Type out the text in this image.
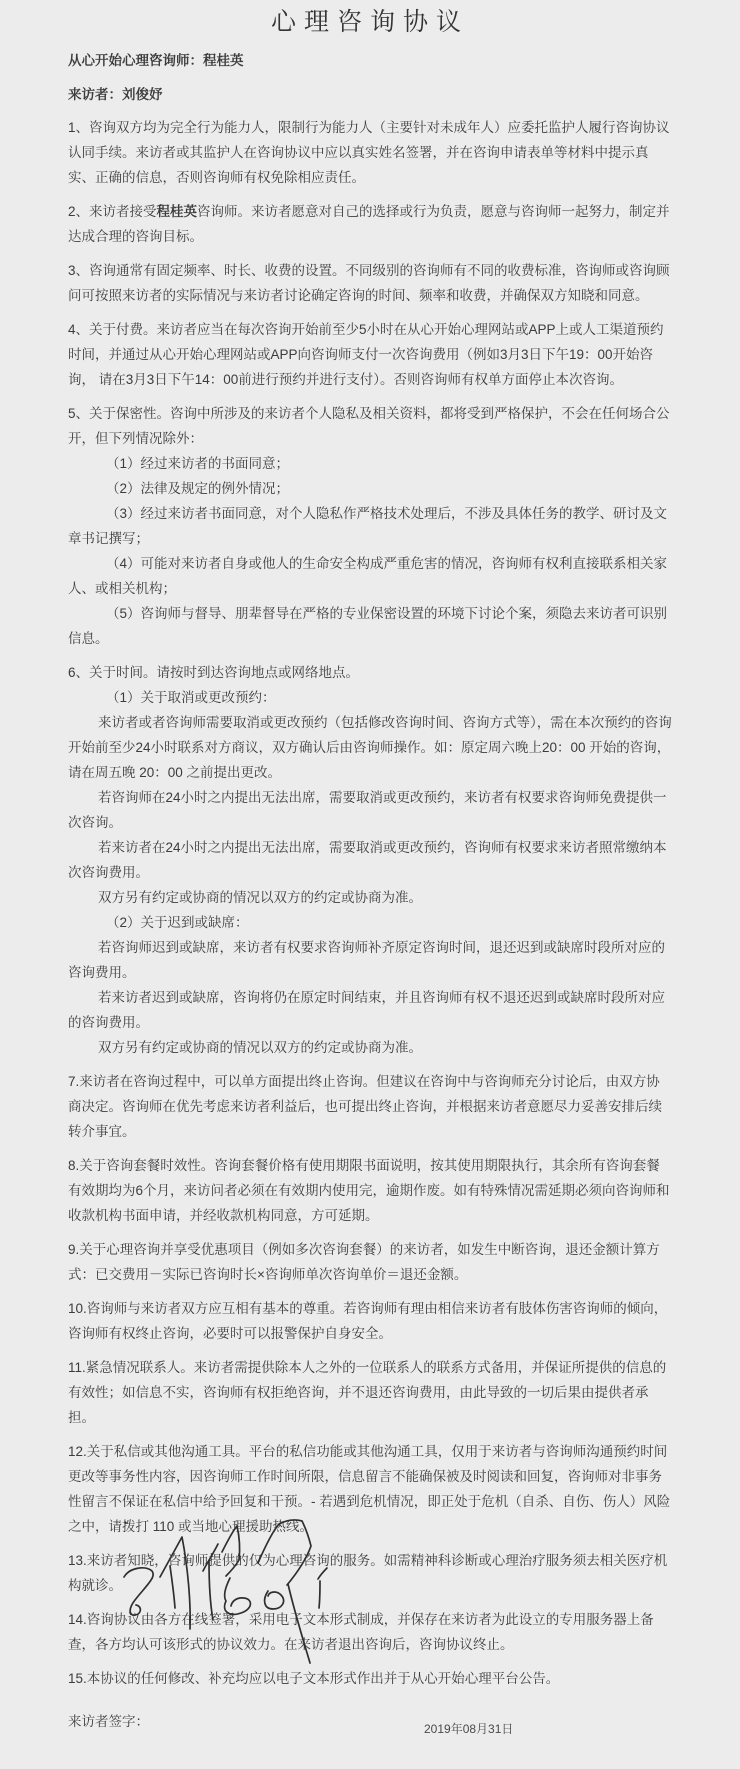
心理咨询协议
从心开始心理咨询师：程桂英
来访者：刘俊妤
1、咨询双方均为完全行为能力人，限制行为能力人（主要针对未成年人）应委托监护人履行咨询协议认同手续。来访者或其监护人在咨询协议中应以真实姓名签署，并在咨询申请表单等材料中提示真实、正确的信息，否则咨询师有权免除相应责任。
2、来访者接受程桂英咨询师。来访者愿意对自己的选择或行为负责，愿意与咨询师一起努力，制定并达成合理的咨询目标。
3、咨询通常有固定频率、时长、收费的设置。不同级别的咨询师有不同的收费标准，咨询师或咨询顾问可按照来访者的实际情况与来访者讨论确定咨询的时间、频率和收费，并确保双方知晓和同意。
4、关于付费。来访者应当在每次咨询开始前至少5小时在从心开始心理网站或APP上或人工渠道预约时间，并通过从心开始心理网站或APP向咨询师支付一次咨询费用（例如3月3日下午19：00开始咨询， 请在3月3日下午14：00前进行预约并进行支付）。否则咨询师有权单方面停止本次咨询。
5、关于保密性。咨询中所涉及的来访者个人隐私及相关资料，都将受到严格保护，不会在任何场合公开，但下列情况除外：
（1）经过来访者的书面同意；
（2）法律及规定的例外情况；
（3）经过来访者书面同意，对个人隐私作严格技术处理后，不涉及具体任务的教学、研讨及文章书记撰写；
（4）可能对来访者自身或他人的生命安全构成严重危害的情况，咨询师有权利直接联系相关家人、或相关机构；
（5）咨询师与督导、朋辈督导在严格的专业保密设置的环境下讨论个案，须隐去来访者可识别信息。
6、关于时间。请按时到达咨询地点或网络地点。
（1）关于取消或更改预约：
来访者或者咨询师需要取消或更改预约（包括修改咨询时间、咨询方式等），需在本次预约的咨询开始前至少24小时联系对方商议，双方确认后由咨询师操作。如：原定周六晚上20：00 开始的咨询，请在周五晚 20：00 之前提出更改。
若咨询师在24小时之内提出无法出席，需要取消或更改预约，来访者有权要求咨询师免费提供一次咨询。
若来访者在24小时之内提出无法出席，需要取消或更改预约，咨询师有权要求来访者照常缴纳本次咨询费用。
双方另有约定或协商的情况以双方的约定或协商为准。
（2）关于迟到或缺席：
若咨询师迟到或缺席，来访者有权要求咨询师补齐原定咨询时间，退还迟到或缺席时段所对应的咨询费用。
若来访者迟到或缺席，咨询将仍在原定时间结束，并且咨询师有权不退还迟到或缺席时段所对应的咨询费用。
双方另有约定或协商的情况以双方的约定或协商为准。
7.来访者在咨询过程中，可以单方面提出终止咨询。但建议在咨询中与咨询师充分讨论后，由双方协商决定。咨询师在优先考虑来访者利益后，也可提出终止咨询，并根据来访者意愿尽力妥善安排后续转介事宜。
8.关于咨询套餐时效性。咨询套餐价格有使用期限书面说明，按其使用期限执行，其余所有咨询套餐有效期均为6个月，来访问者必须在有效期内使用完，逾期作废。如有特殊情况需延期必须向咨询师和收款机构书面申请，并经收款机构同意，方可延期。
9.关于心理咨询并享受优惠项目（例如多次咨询套餐）的来访者，如发生中断咨询，退还金额计算方式：已交费用－实际已咨询时长×咨询师单次咨询单价＝退还金额。
10.咨询师与来访者双方应互相有基本的尊重。若咨询师有理由相信来访者有肢体伤害咨询师的倾向，咨询师有权终止咨询，必要时可以报警保护自身安全。
11.紧急情况联系人。来访者需提供除本人之外的一位联系人的联系方式备用，并保证所提供的信息的有效性；如信息不实，咨询师有权拒绝咨询，并不退还咨询费用，由此导致的一切后果由提供者承担。
12.关于私信或其他沟通工具。平台的私信功能或其他沟通工具，仅用于来访者与咨询师沟通预约时间更改等事务性内容，因咨询师工作时间所限，信息留言不能确保被及时阅读和回复，咨询师对非事务性留言不保证在私信中给予回复和干预。- 若遇到危机情况，即正处于危机（自杀、自伤、伤人）风险之中，请拨打 110 或当地心理援助热线。
13.来访者知晓，咨询师提供的仅为心理咨询的服务。如需精神科诊断或心理治疗服务须去相关医疗机构就诊。
14.咨询协议由各方在线签署，采用电子文本形式制成，并保存在来访者为此设立的专用服务器上备查，各方均认可该形式的协议效力。在来访者退出咨询后，咨询协议终止。
15.本协议的任何修改、补充均应以电子文本形式作出并于从心开始心理平台公告。
来访者签字：	2019年08月31日
